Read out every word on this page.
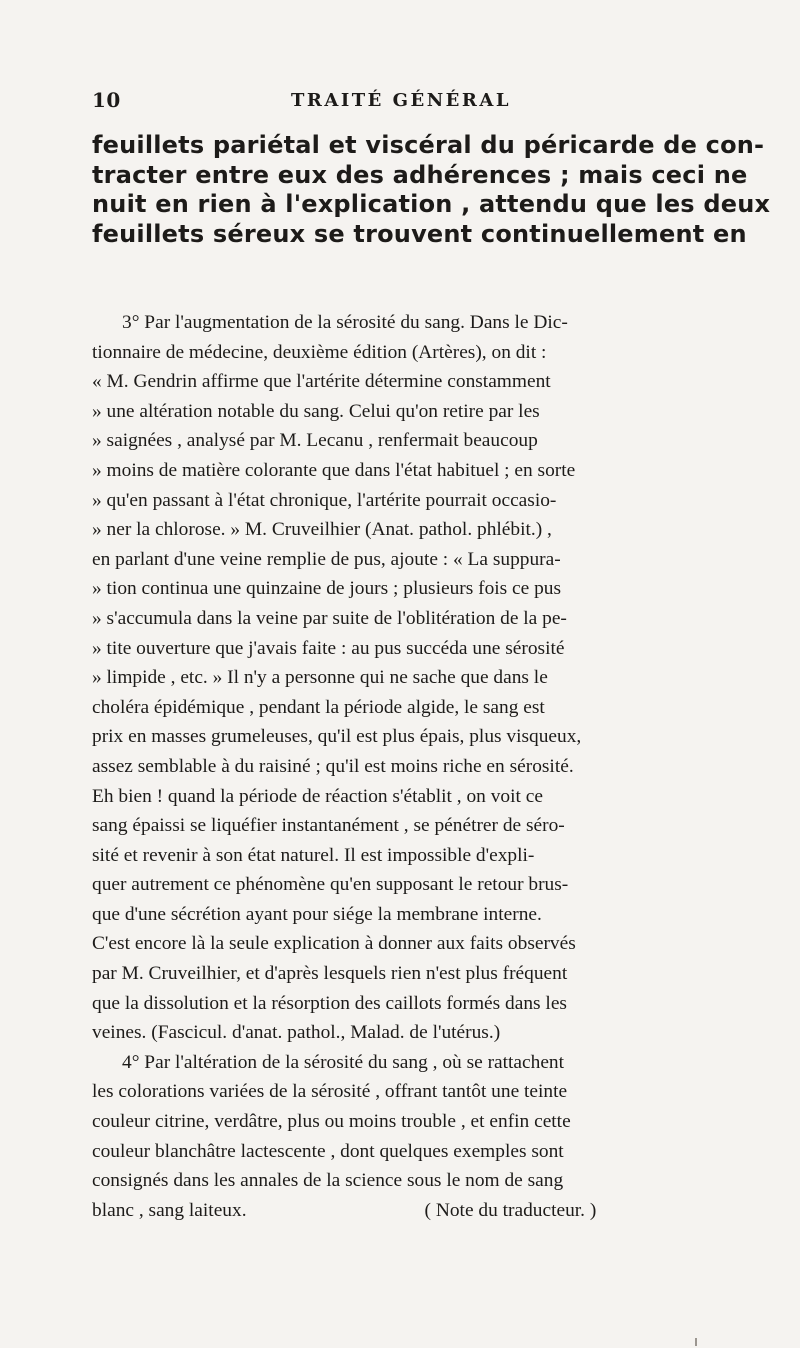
10	TRAITÉ GÉNÉRAL
feuillets pariétal et viscéral du péricarde de con-
tracter entre eux des adhérences ; mais ceci ne
nuit en rien à l'explication , attendu que les deux
feuillets séreux se trouvent continuellement en
3° Par l'augmentation de la sérosité du sang. Dans le Dic-
tionnaire de médecine, deuxième édition (Artères), on dit :
« M. Gendrin affirme que l'artérite détermine constamment
» une altération notable du sang. Celui qu'on retire par les
» saignées , analysé par M. Lecanu , renfermait beaucoup
» moins de matière colorante que dans l'état habituel ; en sorte
» qu'en passant à l'état chronique, l'artérite pourrait occasio-
» ner la chlorose. » M. Cruveilhier (Anat. pathol. phlébit.) ,
en parlant d'une veine remplie de pus, ajoute : « La suppura-
» tion continua une quinzaine de jours ; plusieurs fois ce pus
» s'accumula dans la veine par suite de l'oblitération de la pe-
» tite ouverture que j'avais faite : au pus succéda une sérosité
» limpide , etc. » Il n'y a personne qui ne sache que dans le
choléra épidémique , pendant la période algide, le sang est
prix en masses grumeleuses, qu'il est plus épais, plus visqueux,
assez semblable à du raisiné ; qu'il est moins riche en sérosité.
Eh bien ! quand la période de réaction s'établit , on voit ce
sang épaissi se liquéfier instantanément , se pénétrer de séro-
sité et revenir à son état naturel. Il est impossible d'expli-
quer autrement ce phénomène qu'en supposant le retour brus-
que d'une sécrétion ayant pour siége la membrane interne.
C'est encore là la seule explication à donner aux faits observés
par M. Cruveilhier, et d'après lesquels rien n'est plus fréquent
que la dissolution et la résorption des caillots formés dans les
veines. (Fascicul. d'anat. pathol., Malad. de l'utérus.)
4° Par l'altération de la sérosité du sang , où se rattachent
les colorations variées de la sérosité , offrant tantôt une teinte
couleur citrine, verdâtre, plus ou moins trouble , et enfin cette
couleur blanchâtre lactescente , dont quelques exemples sont
consignés dans les annales de la science sous le nom de sang
blanc , sang laiteux.	( Note du traducteur. )
